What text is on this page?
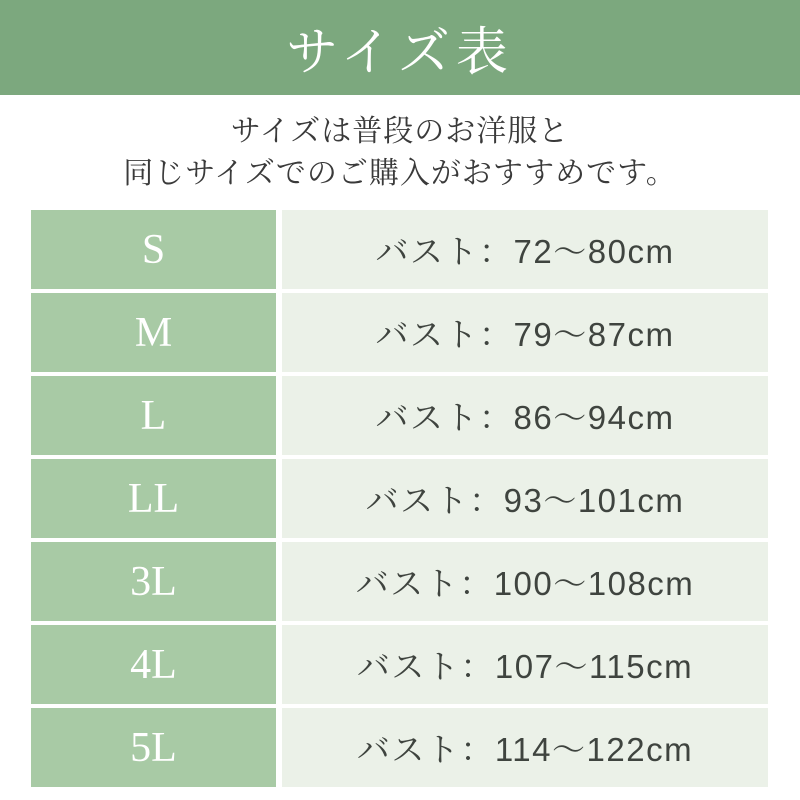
サイズ表
サイズは普段のお洋服と
同じサイズでのご購入がおすすめです。
S	バスト：72〜80cm
M	バスト：79〜87cm
L	バスト：86〜94cm
LL	バスト：93〜101cm
3L	バスト：100〜108cm
4L	バスト：107〜115cm
5L	バスト：114〜122cm
